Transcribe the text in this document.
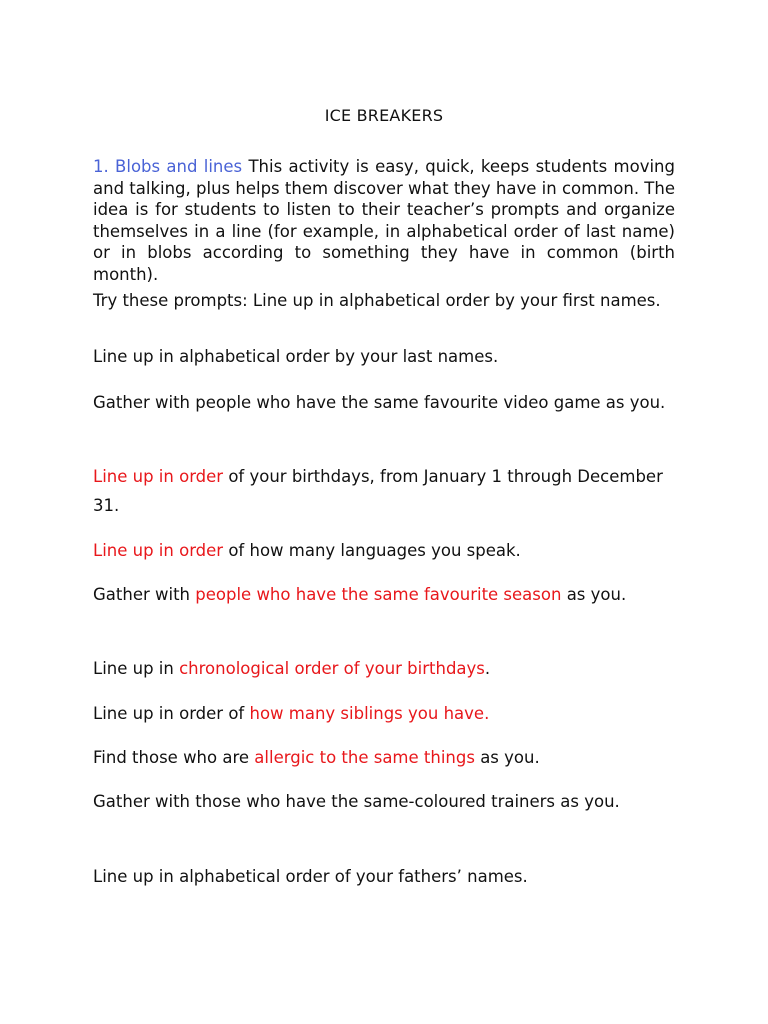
ICE BREAKERS
1. Blobs and lines This activity is easy, quick, keeps students moving and talking, plus helps them discover what they have in common. The idea is for students to listen to their teacher’s prompts and organize themselves in a line (for example, in alphabetical order of last name) or in blobs according to something they have in common (birth month).
Try these prompts: Line up in alphabetical order by your first names.
Line up in alphabetical order by your last names.
Gather with people who have the same favourite video game as you.
Line up in order of your birthdays, from January 1 through December 31.
Line up in order of how many languages you speak.
Gather with people who have the same favourite season as you.
Line up in chronological order of your birthdays.
Line up in order of how many siblings you have.
Find those who are allergic to the same things as you.
Gather with those who have the same-coloured trainers as you.
Line up in alphabetical order of your fathers’ names.
